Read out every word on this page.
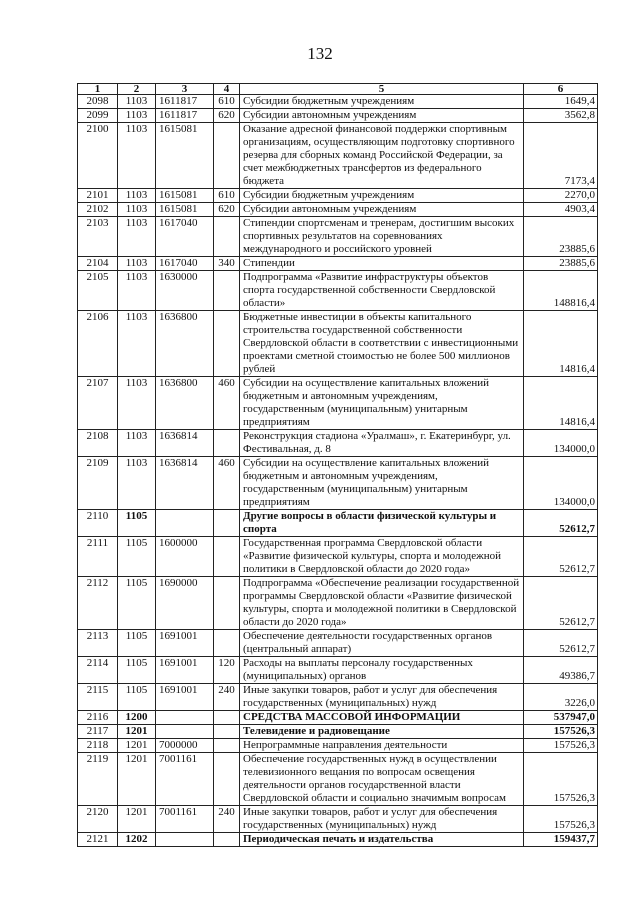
132
1	2	3	4	5	6
2098	1103	1611817	610	Субсидии бюджетным учреждениям	1649,4
2099	1103	1611817	620	Субсидии автономным учреждениям	3562,8
2100	1103	1615081		Оказание адресной финансовой поддержки спортивным организациям, осуществляющим подготовку спортивного резерва для сборных команд Российской Федерации, за счет межбюджетных трансфертов из федерального бюджета	7173,4
2101	1103	1615081	610	Субсидии бюджетным учреждениям	2270,0
2102	1103	1615081	620	Субсидии автономным учреждениям	4903,4
2103	1103	1617040		Стипендии спортсменам и тренерам, достигшим высоких спортивных результатов на соревнованиях международного и российского уровней	23885,6
2104	1103	1617040	340	Стипендии	23885,6
2105	1103	1630000		Подпрограмма «Развитие инфраструктуры объектов спорта государственной собственности Свердловской области»	148816,4
2106	1103	1636800		Бюджетные инвестиции в объекты капитального строительства государственной собственности Свердловской области в соответствии с инвестиционными проектами сметной стоимостью не более 500 миллионов рублей	14816,4
2107	1103	1636800	460	Субсидии на осуществление капитальных вложений бюджетным и автономным учреждениям, государственным (муниципальным) унитарным предприятиям	14816,4
2108	1103	1636814		Реконструкция стадиона «Уралмаш», г. Екатеринбург, ул. Фестивальная, д. 8	134000,0
2109	1103	1636814	460	Субсидии на осуществление капитальных вложений бюджетным и автономным учреждениям, государственным (муниципальным) унитарным предприятиям	134000,0
2110	1105			Другие вопросы в области физической культуры и спорта	52612,7
2111	1105	1600000		Государственная программа Свердловской области «Развитие физической культуры, спорта и молодежной политики в Свердловской области до 2020 года»	52612,7
2112	1105	1690000		Подпрограмма «Обеспечение реализации государственной программы Свердловской области «Развитие физической культуры, спорта и молодежной политики в Свердловской области до 2020 года»	52612,7
2113	1105	1691001		Обеспечение деятельности государственных органов (центральный аппарат)	52612,7
2114	1105	1691001	120	Расходы на выплаты персоналу государственных (муниципальных) органов	49386,7
2115	1105	1691001	240	Иные закупки товаров, работ и услуг для обеспечения государственных (муниципальных) нужд	3226,0
2116	1200			СРЕДСТВА МАССОВОЙ ИНФОРМАЦИИ	537947,0
2117	1201			Телевидение и радиовещание	157526,3
2118	1201	7000000		Непрограммные направления деятельности	157526,3
2119	1201	7001161		Обеспечение государственных нужд в осуществлении телевизионного вещания по вопросам освещения деятельности органов государственной власти Свердловской области и социально значимым вопросам	157526,3
2120	1201	7001161	240	Иные закупки товаров, работ и услуг для обеспечения государственных (муниципальных) нужд	157526,3
2121	1202			Периодическая печать и издательства	159437,7
